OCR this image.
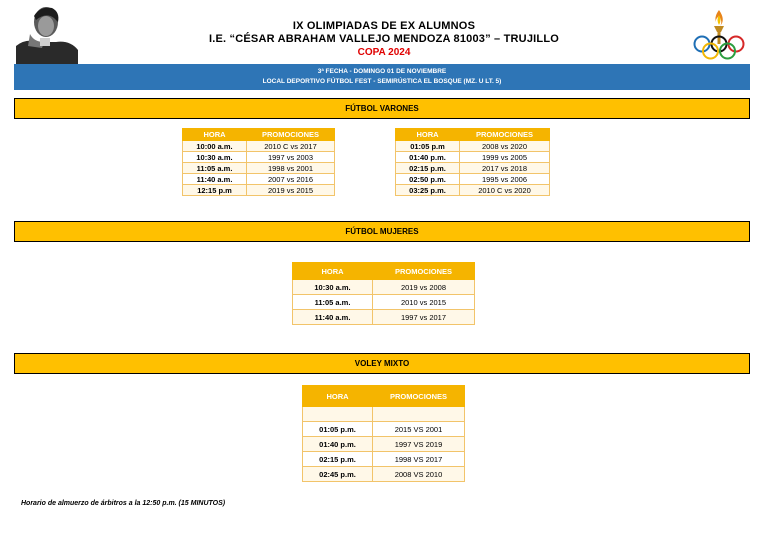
IX OLIMPIADAS DE EX ALUMNOS
I.E. “CÉSAR ABRAHAM VALLEJO MENDOZA 81003” – TRUJILLO
COPA 2024
3ª FECHA - DOMINGO 01 DE NOVIEMBRE
LOCAL DEPORTIVO FÚTBOL FEST - SEMIRÚSTICA EL BOSQUE (MZ. U LT. 5)
FÚTBOL VARONES
HORA	PROMOCIONES
10:00 a.m.	2010 C vs 2017
10:30 a.m.	1997 vs 2003
11:05 a.m.	1998 vs 2001
11:40 a.m.	2007 vs 2016
12:15 p.m	2019 vs 2015
HORA	PROMOCIONES
01:05 p.m	2008 vs 2020
01:40 p.m.	1999 vs 2005
02:15 p.m.	2017 vs 2018
02:50 p.m.	1995 vs 2006
03:25 p.m.	2010 C vs 2020
FÚTBOL MUJERES
HORA	PROMOCIONES
10:30 a.m.	2019 vs 2008
11:05 a.m.	2010 vs 2015
11:40 a.m.	1997 vs 2017
VOLEY MIXTO
HORA	PROMOCIONES

01:05 p.m.	2015 VS 2001
01:40 p.m.	1997 VS 2019
02:15 p.m.	1998 VS 2017
02:45 p.m.	2008 VS 2010
Horario de almuerzo de árbitros a la 12:50 p.m. (15 MINUTOS)
